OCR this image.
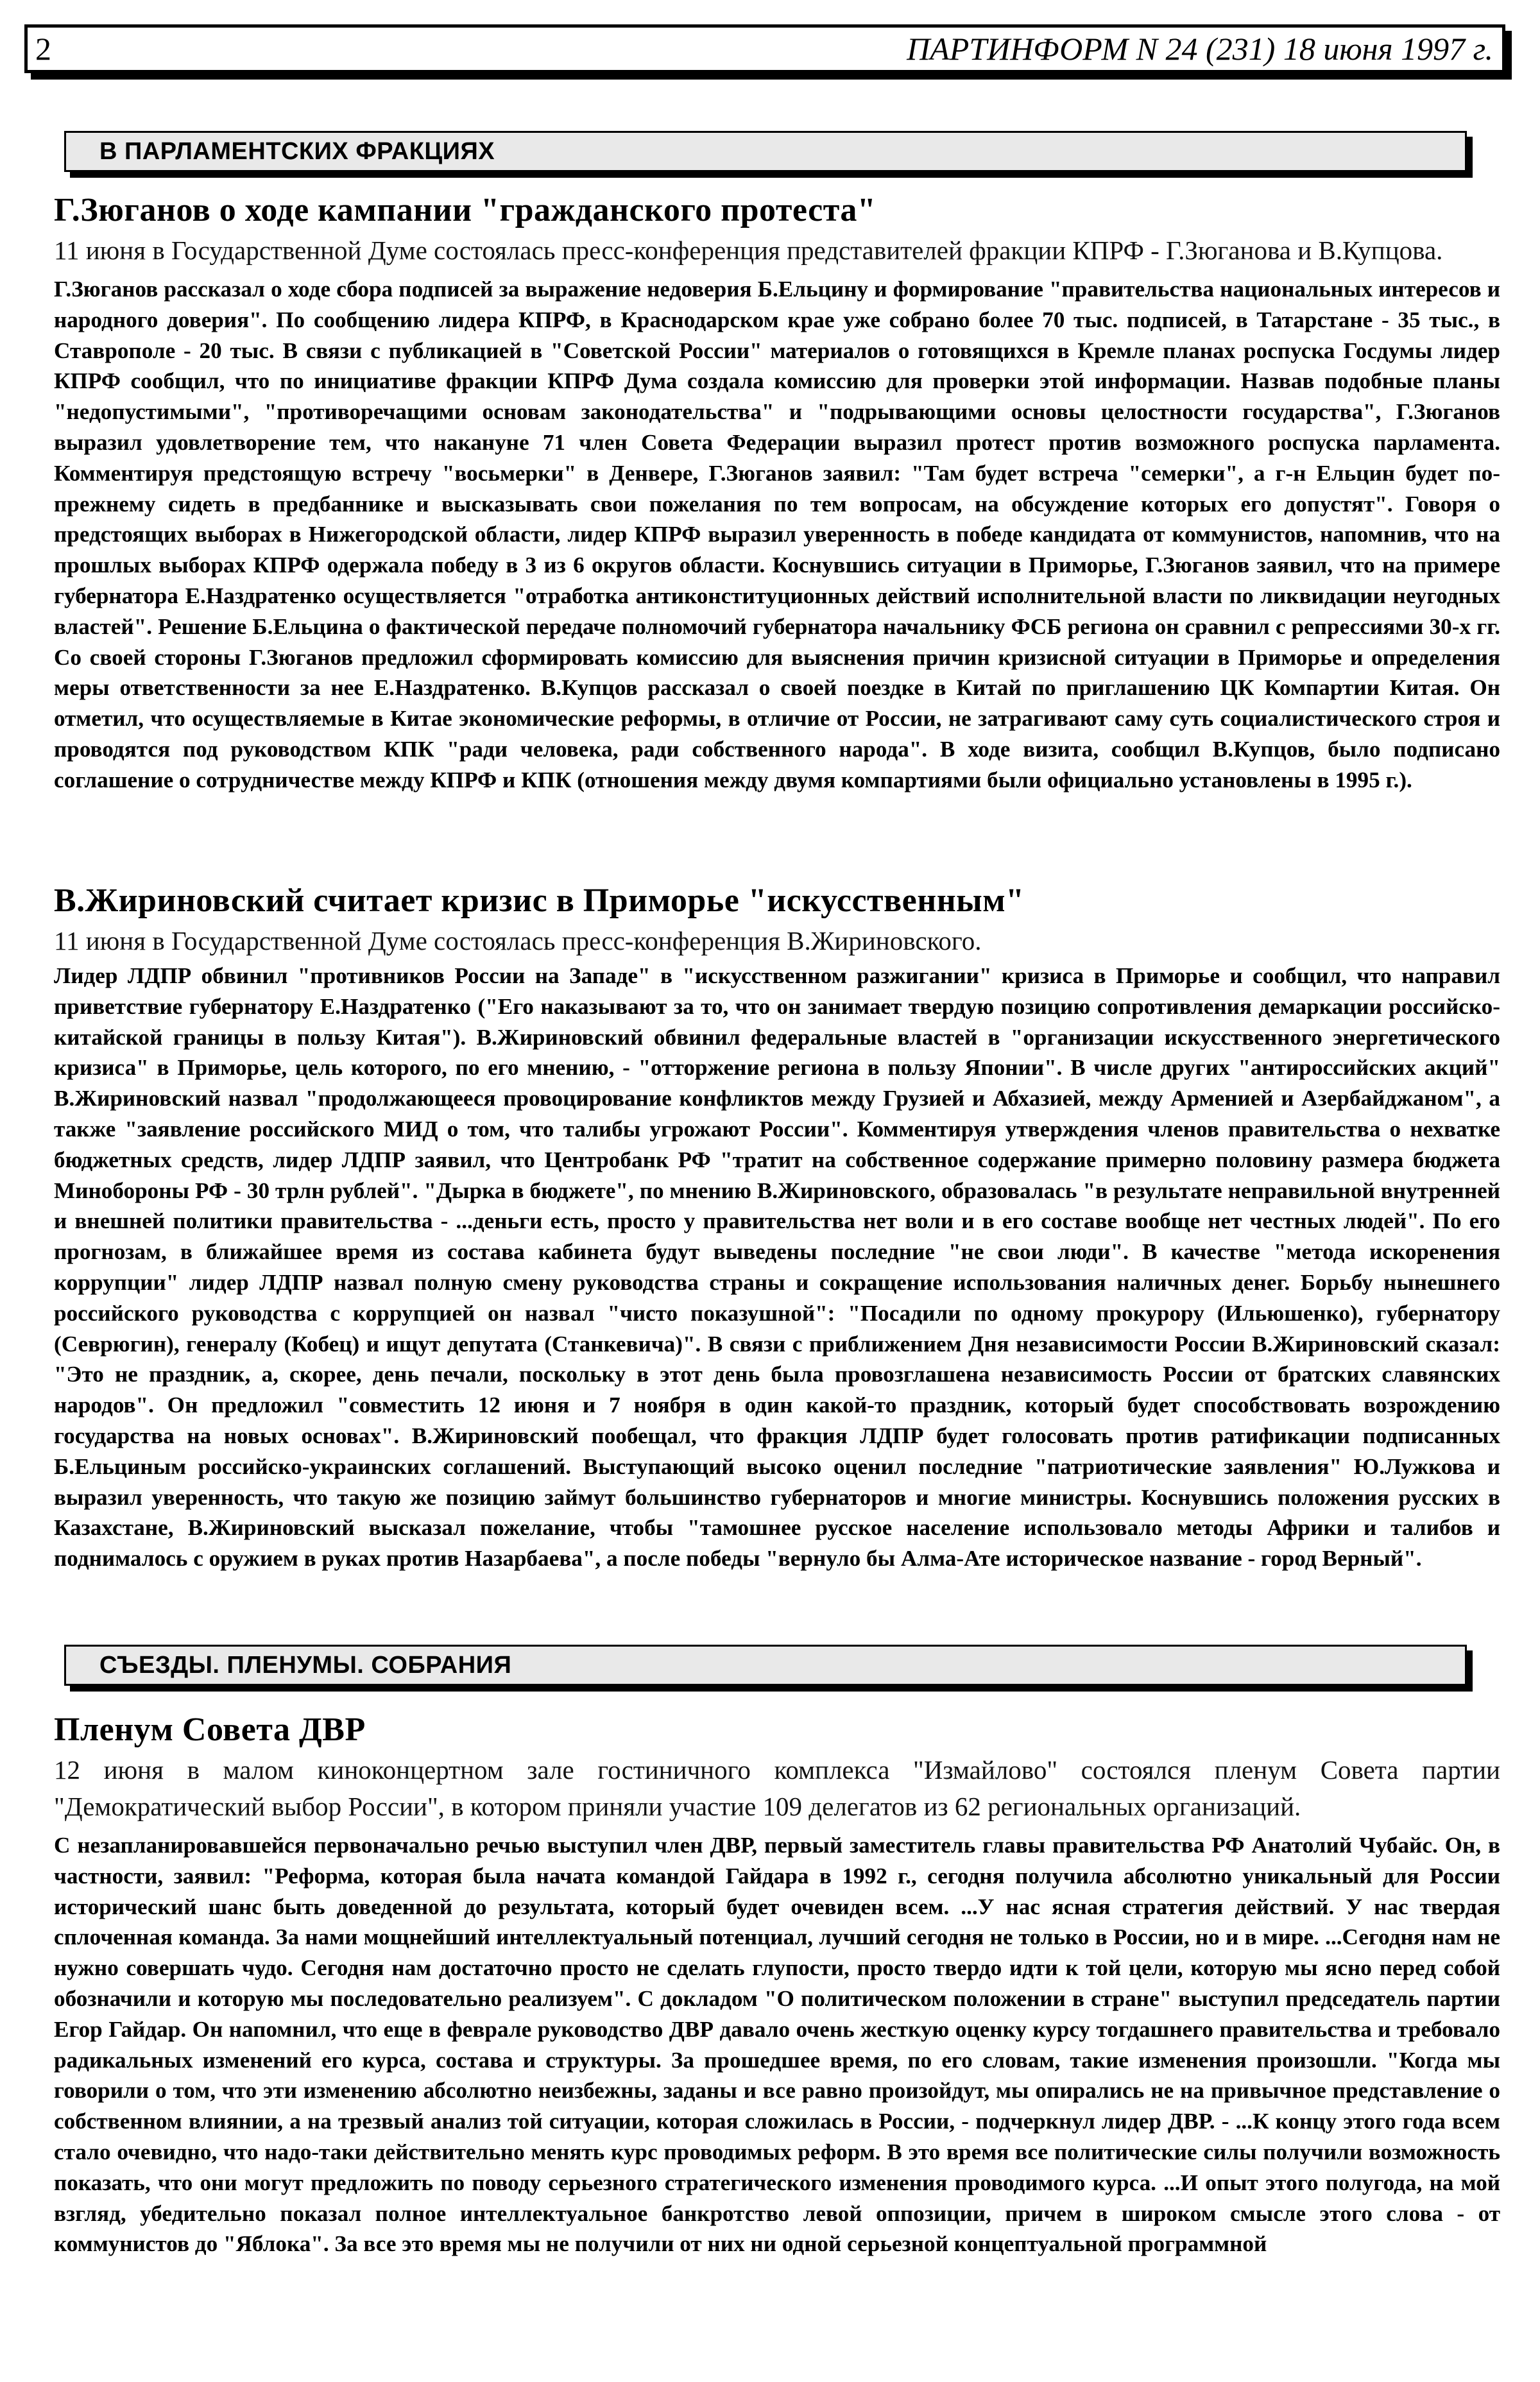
2	ПАРТИНФОРМ N 24 (231) 18 июня 1997 г.
В ПАРЛАМЕНТСКИХ ФРАКЦИЯХ
Г.Зюганов о ходе кампании "гражданского протеста"

11 июня в Государственной Думе состоялась пресс-конференция представителей фракции КПРФ - Г.Зюганова и В.Купцова.

Г.Зюганов рассказал о ходе сбора подписей за выражение недоверия Б.Ельцину и формирование "правительства национальных интересов и народного доверия". По сообщению лидера КПРФ, в Краснодарском крае уже собрано более 70 тыс. подписей, в Татарстане - 35 тыс., в Ставрополе - 20 тыс. В связи с публикацией в "Советской России" материалов о готовящихся в Кремле планах роспуска Госдумы лидер КПРФ сообщил, что по инициативе фракции КПРФ Дума создала комиссию для проверки этой информации. Назвав подобные планы "недопустимыми", "противоречащими основам законодательства" и "подрывающими основы целостности государства", Г.Зюганов выразил удовлетворение тем, что накануне 71 член Совета Федерации выразил протест против возможного роспуска парламента. Комментируя предстоящую встречу "восьмерки" в Денвере, Г.Зюганов заявил: "Там будет встреча "семерки", а г-н Ельцин будет по-прежнему сидеть в предбаннике и высказывать свои пожелания по тем вопросам, на обсуждение которых его допустят". Говоря о предстоящих выборах в Нижегородской области, лидер КПРФ выразил уверенность в победе кандидата от коммунистов, напомнив, что на прошлых выборах КПРФ одержала победу в 3 из 6 округов области. Коснувшись ситуации в Приморье, Г.Зюганов заявил, что на примере губернатора Е.Наздратенко осуществляется "отработка антиконституционных действий исполнительной власти по ликвидации неугодных властей". Решение Б.Ельцина о фактической передаче полномочий губернатора начальнику ФСБ региона он сравнил с репрессиями 30-х гг. Со своей стороны Г.Зюганов предложил сформировать комиссию для выяснения причин кризисной ситуации в Приморье и определения меры ответственности за нее Е.Наздратенко. В.Купцов рассказал о своей поездке в Китай по приглашению ЦК Компартии Китая. Он отметил, что осуществляемые в Китае экономические реформы, в отличие от России, не затрагивают саму суть социалистического строя и проводятся под руководством КПК "ради человека, ради собственного народа". В ходе визита, сообщил В.Купцов, было подписано соглашение о сотрудничестве между КПРФ и КПК (отношения между двумя компартиями были официально установлены в 1995 г.).

В.Жириновский считает кризис в Приморье "искусственным"

11 июня в Государственной Думе состоялась пресс-конференция В.Жириновского.

Лидер ЛДПР обвинил "противников России на Западе" в "искусственном разжигании" кризиса в Приморье и сообщил, что направил приветствие губернатору Е.Наздратенко ("Его наказывают за то, что он занимает твердую позицию сопротивления демаркации российско-китайской границы в пользу Китая"). В.Жириновский обвинил федеральные властей в "организации искусственного энергетического кризиса" в Приморье, цель которого, по его мнению, - "отторжение региона в пользу Японии". В числе других "антироссийских акций" В.Жириновский назвал "продолжающееся провоцирование конфликтов между Грузией и Абхазией, между Арменией и Азербайджаном", а также "заявление российского МИД о том, что талибы угрожают России". Комментируя утверждения членов правительства о нехватке бюджетных средств, лидер ЛДПР заявил, что Центробанк РФ "тратит на собственное содержание примерно половину размера бюджета Минобороны РФ - 30 трлн рублей". "Дырка в бюджете", по мнению В.Жириновского, образовалась "в результате неправильной внутренней и внешней политики правительства - ...деньги есть, просто у правительства нет воли и в его составе вообще нет честных людей". По его прогнозам, в ближайшее время из состава кабинета будут выведены последние "не свои люди". В качестве "метода искоренения коррупции" лидер ЛДПР назвал полную смену руководства страны и сокращение использования наличных денег. Борьбу нынешнего российского руководства с коррупцией он назвал "чисто показушной": "Посадили по одному прокурору (Ильюшенко), губернатору (Севрюгин), генералу (Кобец) и ищут депутата (Станкевича)". В связи с приближением Дня независимости России В.Жириновский сказал: "Это не праздник, а, скорее, день печали, поскольку в этот день была провозглашена независимость России от братских славянских народов". Он предложил "совместить 12 июня и 7 ноября в один какой-то праздник, который будет способствовать возрождению государства на новых основах". В.Жириновский пообещал, что фракция ЛДПР будет голосовать против ратификации подписанных Б.Ельциным российско-украинских соглашений. Выступающий высоко оценил последние "патриотические заявления" Ю.Лужкова и выразил уверенность, что такую же позицию займут большинство губернаторов и многие министры. Коснувшись положения русских в Казахстане, В.Жириновский высказал пожелание, чтобы "тамошнее русское население использовало методы Африки и талибов и поднималось с оружием в руках против Назарбаева", а после победы "вернуло бы Алма-Ате историческое название - город Верный".

СЪЕЗДЫ. ПЛЕНУМЫ. СОБРАНИЯ
Пленум Совета ДВР

12 июня в малом киноконцертном зале гостиничного комплекса "Измайлово" состоялся пленум Совета партии "Демократический выбор России", в котором приняли участие 109 делегатов из 62 региональных организаций.

С незапланировавшейся первоначально речью выступил член ДВР, первый заместитель главы правительства РФ Анатолий Чубайс. Он, в частности, заявил: "Реформа, которая была начата командой Гайдара в 1992 г., сегодня получила абсолютно уникальный для России исторический шанс быть доведенной до результата, который будет очевиден всем. ...У нас ясная стратегия действий. У нас твердая сплоченная команда. За нами мощнейший интеллектуальный потенциал, лучший сегодня не только в России, но и в мире. ...Сегодня нам не нужно совершать чудо. Сегодня нам достаточно просто не сделать глупости, просто твердо идти к той цели, которую мы ясно перед собой обозначили и которую мы последовательно реализуем". С докладом "О политическом положении в стране" выступил председатель партии Егор Гайдар. Он напомнил, что еще в феврале руководство ДВР давало очень жесткую оценку курсу тогдашнего правительства и требовало радикальных изменений его курса, состава и структуры. За прошедшее время, по его словам, такие изменения произошли. "Когда мы говорили о том, что эти изменению абсолютно неизбежны, заданы и все равно произойдут, мы опирались не на привычное представление о собственном влиянии, а на трезвый анализ той ситуации, которая сложилась в России, - подчеркнул лидер ДВР. - ...К концу этого года всем стало очевидно, что надо-таки действительно менять курс проводимых реформ. В это время все политические силы получили возможность показать, что они могут предложить по поводу серьезного стратегического изменения проводимого курса. ...И опыт этого полугода, на мой взгляд, убедительно показал полное интеллектуальное банкротство левой оппозиции, причем в широком смысле этого слова - от коммунистов до "Яблока". За все это время мы не получили от них ни одной серьезной концептуальной программной
